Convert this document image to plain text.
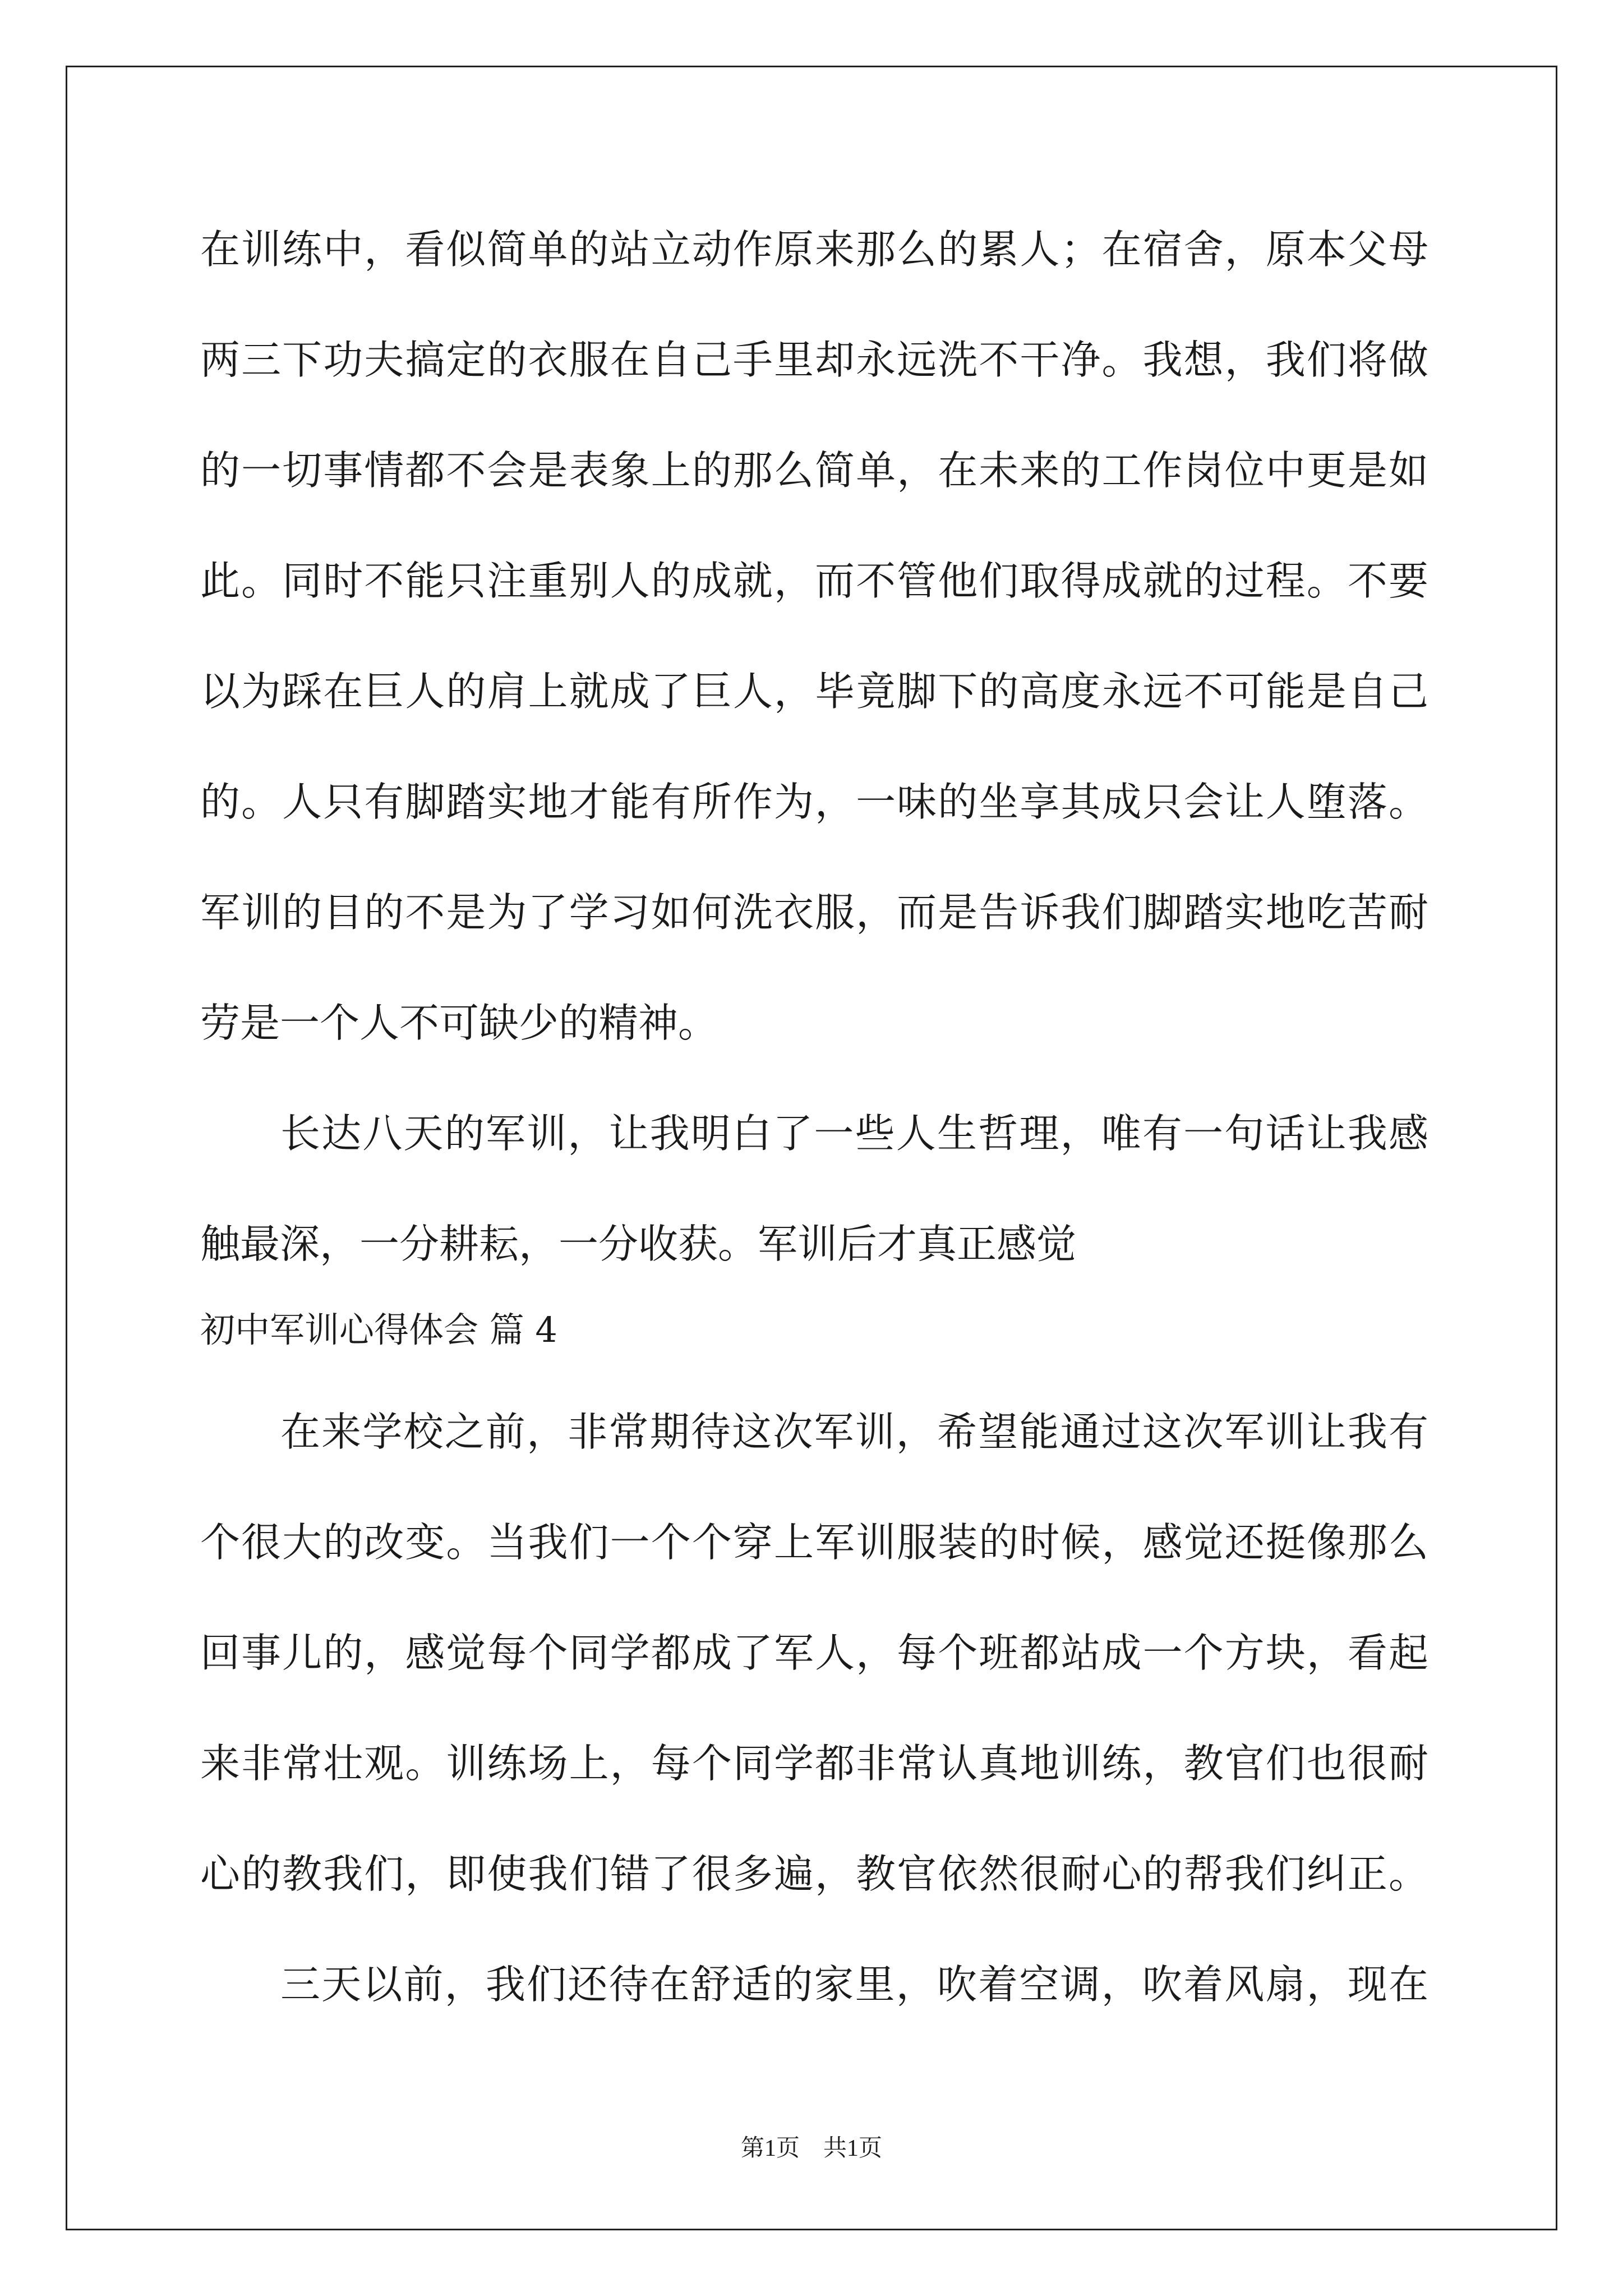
在训练中，看似简单的站立动作原来那么的累人；在宿舍，原本父母
两三下功夫搞定的衣服在自己手里却永远洗不干净。我想，我们将做
的一切事情都不会是表象上的那么简单，在未来的工作岗位中更是如
此。同时不能只注重别人的成就，而不管他们取得成就的过程。不要
以为踩在巨人的肩上就成了巨人，毕竟脚下的高度永远不可能是自己
的。人只有脚踏实地才能有所作为，一味的坐享其成只会让人堕落。
军训的目的不是为了学习如何洗衣服，而是告诉我们脚踏实地吃苦耐
劳是一个人不可缺少的精神。
长达八天的军训，让我明白了一些人生哲理，唯有一句话让我感
触最深，一分耕耘，一分收获。军训后才真正感觉
初中军训心得体会 篇 4
在来学校之前，非常期待这次军训，希望能通过这次军训让我有
个很大的改变。当我们一个个穿上军训服装的时候，感觉还挺像那么
回事儿的，感觉每个同学都成了军人，每个班都站成一个方块，看起
来非常壮观。训练场上，每个同学都非常认真地训练，教官们也很耐
心的教我们，即使我们错了很多遍，教官依然很耐心的帮我们纠正。
三天以前，我们还待在舒适的家里，吹着空调，吹着风扇，现在
第1页　共1页
